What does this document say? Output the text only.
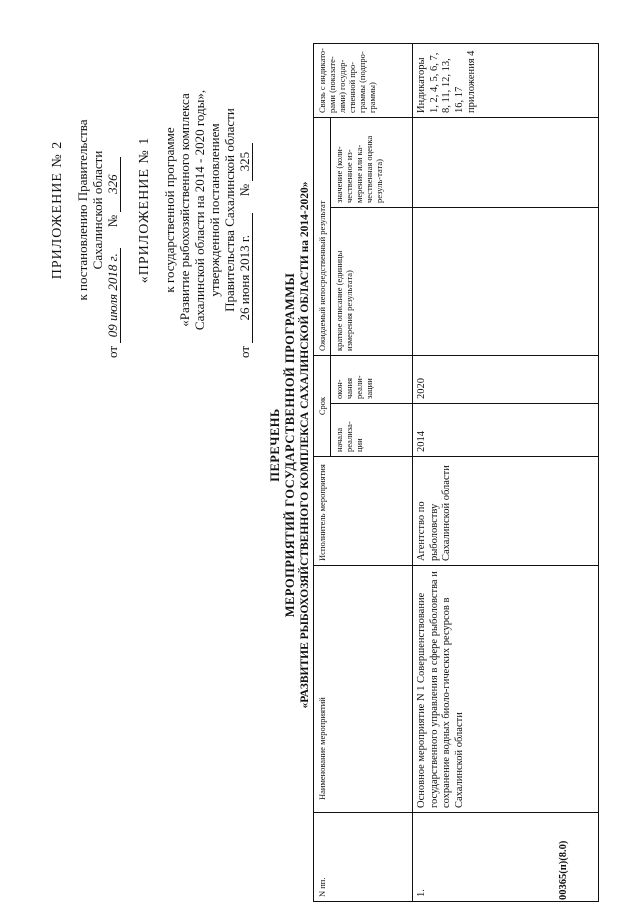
ПРИЛОЖЕНИЕ № 2 к постановлению Правительства Сахалинской области
от 09 июля 2018 г.  № 326 «ПРИЛОЖЕНИЕ № 1 к государственной программе «Развитие рыбохозяйственного комплекса Сахалинской области на 2014 - 2020 годы», утвержденной постановлением Правительства Сахалинской области
от 26 июня 2013 г.  № 325
ПЕРЕЧЕНЬ МЕРОПРИЯТИЙ ГОСУДАРСТВЕННОЙ ПРОГРАММЫ «РАЗВИТИЕ РЫБОХОЗЯЙСТВЕННОГО КОМПЛЕКСА САХАЛИНСКОЙ ОБЛАСТИ на 2014-2020»
N пп.	Наименование мероприятий	Исполнитель мероприятия	Срок		Ожидаемый непосредственный результат		Связь с индикато-рами (показате-лями) государ-ственной про-граммы (подпро-граммы)
			начала реализа-ции	окон-чания реали-зации	краткое описание (единицы измерения результата)	значение (коли-чественное из-мерение или ка-чественная оценка резуль-тата)	
1.	Основное мероприятие N 1 Совершенствование государственного управления в сфере рыболовства и сохранение водных биоло-гических ресурсов в Сахалинской области	Агентство по рыболовству Сахалинской области	2014	2020			Индикаторы 1, 2, 4, 5, 6, 7, 8, 11, 12, 13, 16, 17 приложения 4
00365(п)(8.0)
